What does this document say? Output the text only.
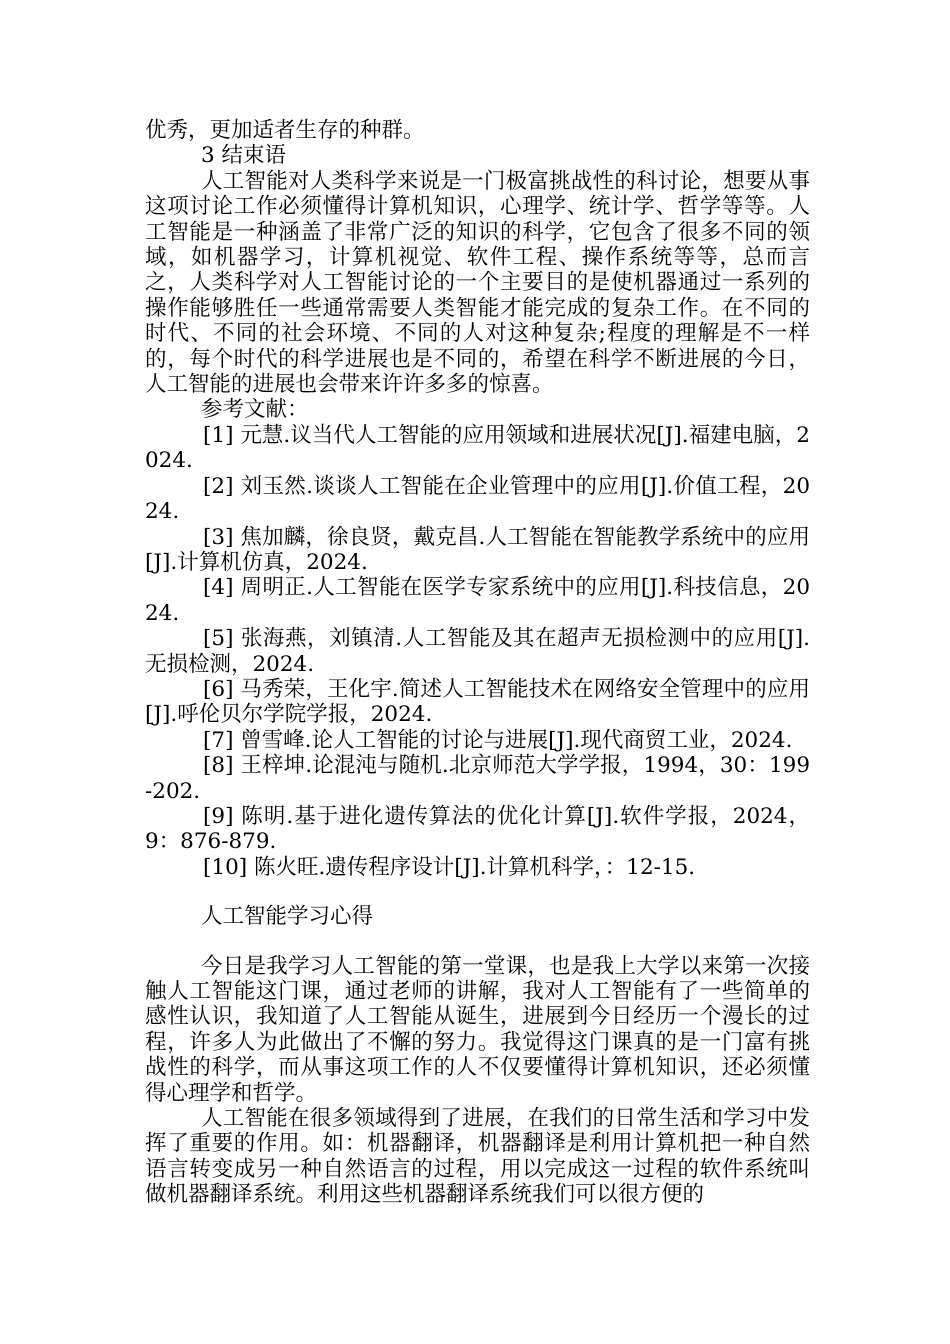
优秀，更加适者生存的种群。

3 结束语

人工智能对人类科学来说是一门极富挑战性的科讨论，想要从事这项讨论工作必须懂得计算机知识，心理学、统计学、哲学等等。人工智能是一种涵盖了非常广泛的知识的科学，它包含了很多不同的领域，如机器学习，计算机视觉、软件工程、操作系统等等，总而言之，人类科学对人工智能讨论的一个主要目的是使机器通过一系列的操作能够胜任一些通常需要人类智能才能完成的复杂工作。在不同的时代、不同的社会环境、不同的人对这种复杂;程度的理解是不一样的，每个时代的科学进展也是不同的，希望在科学不断进展的今日，人工智能的进展也会带来许许多多的惊喜。

参考文献：

[1] 元慧.议当代人工智能的应用领域和进展状况[J].福建电脑，2024.

[2] 刘玉然.谈谈人工智能在企业管理中的应用[J].价值工程，2024.

[3] 焦加麟，徐良贤，戴克昌.人工智能在智能教学系统中的应用[J].计算机仿真，2024.

[4] 周明正.人工智能在医学专家系统中的应用[J].科技信息，2024.

[5] 张海燕，刘镇清.人工智能及其在超声无损检测中的应用[J].无损检测，2024.

[6] 马秀荣，王化宇.简述人工智能技术在网络安全管理中的应用[J].呼伦贝尔学院学报，2024.

[7] 曾雪峰.论人工智能的讨论与进展[J].现代商贸工业，2024.

[8] 王梓坤.论混沌与随机.北京师范大学学报，1994，30：199-202.

[9] 陈明.基于进化遗传算法的优化计算[J].软件学报，2024，9：876-879.

[10] 陈火旺.遗传程序设计[J].计算机科学，：12-15.

人工智能学习心得

今日是我学习人工智能的第一堂课，也是我上大学以来第一次接触人工智能这门课，通过老师的讲解，我对人工智能有了一些简单的感性认识，我知道了人工智能从诞生，进展到今日经历一个漫长的过程，许多人为此做出了不懈的努力。我觉得这门课真的是一门富有挑战性的科学，而从事这项工作的人不仅要懂得计算机知识，还必须懂得心理学和哲学。

人工智能在很多领域得到了进展，在我们的日常生活和学习中发挥了重要的作用。如：机器翻译，机器翻译是利用计算机把一种自然语言转变成另一种自然语言的过程，用以完成这一过程的软件系统叫做机器翻译系统。利用这些机器翻译系统我们可以很方便的
